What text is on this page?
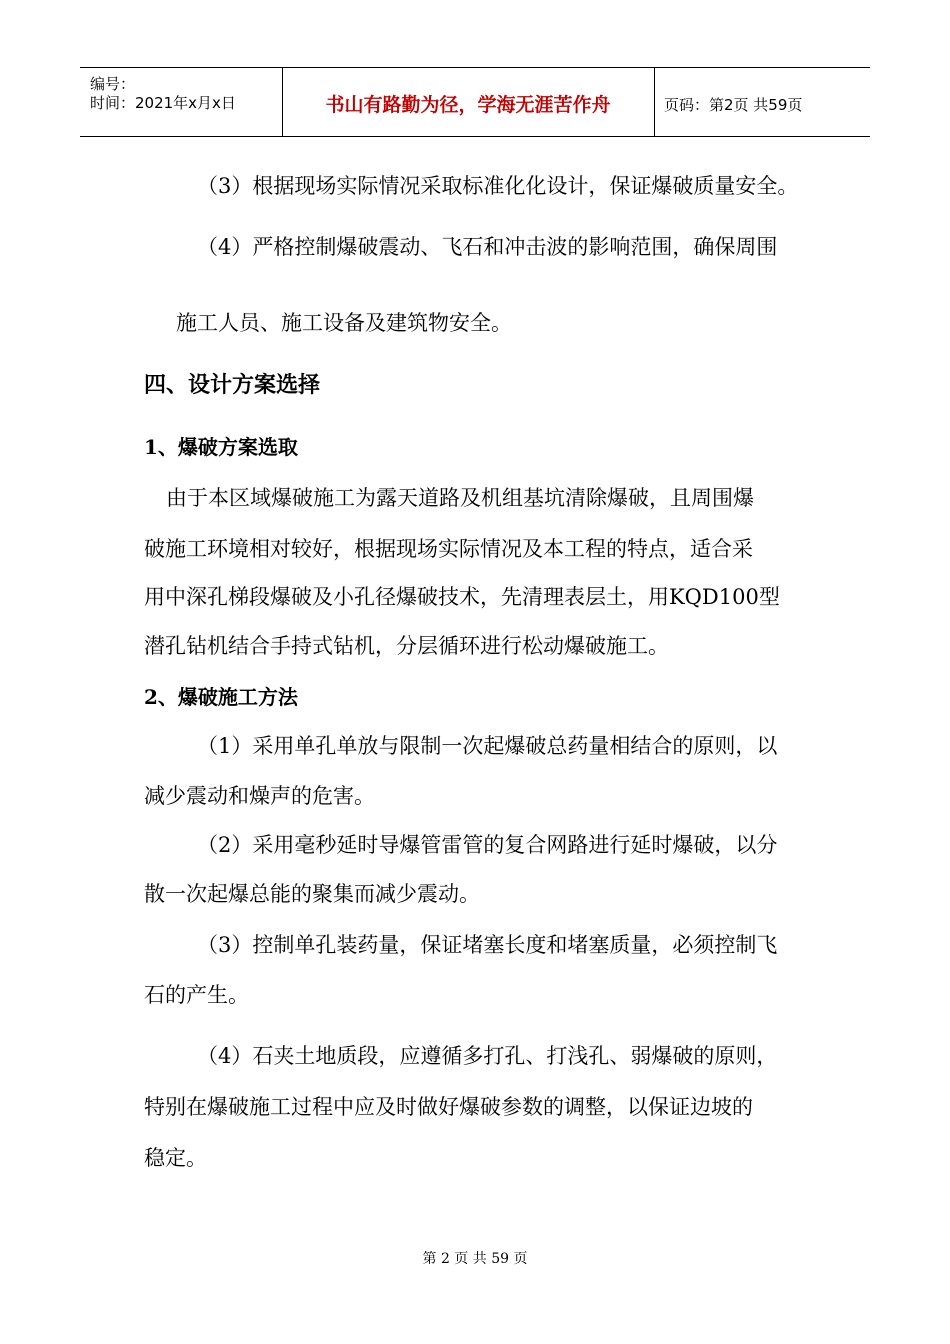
编号：
时间：2021年x月x日	书山有路勤为径，学海无涯苦作舟	页码：第2页 共59页
（3）根据现场实际情况采取标准化化设计，保证爆破质量安全。
（4）严格控制爆破震动、飞石和冲击波的影响范围，确保周围
施工人员、施工设备及建筑物安全。
四、设计方案选择
1、爆破方案选取
由于本区域爆破施工为露天道路及机组基坑清除爆破，且周围爆
破施工环境相对较好，根据现场实际情况及本工程的特点，适合采
用中深孔梯段爆破及小孔径爆破技术，先清理表层土，用KQD100型
潜孔钻机结合手持式钻机，分层循环进行松动爆破施工。
2、爆破施工方法
（1）采用单孔单放与限制一次起爆破总药量相结合的原则，以
减少震动和燥声的危害。
（2）采用毫秒延时导爆管雷管的复合网路进行延时爆破，以分
散一次起爆总能的聚集而减少震动。
（3）控制单孔装药量，保证堵塞长度和堵塞质量，必须控制飞
石的产生。
（4）石夹土地质段，应遵循多打孔、打浅孔、弱爆破的原则，
特别在爆破施工过程中应及时做好爆破参数的调整，以保证边坡的
稳定。
第 2 页 共 59 页
